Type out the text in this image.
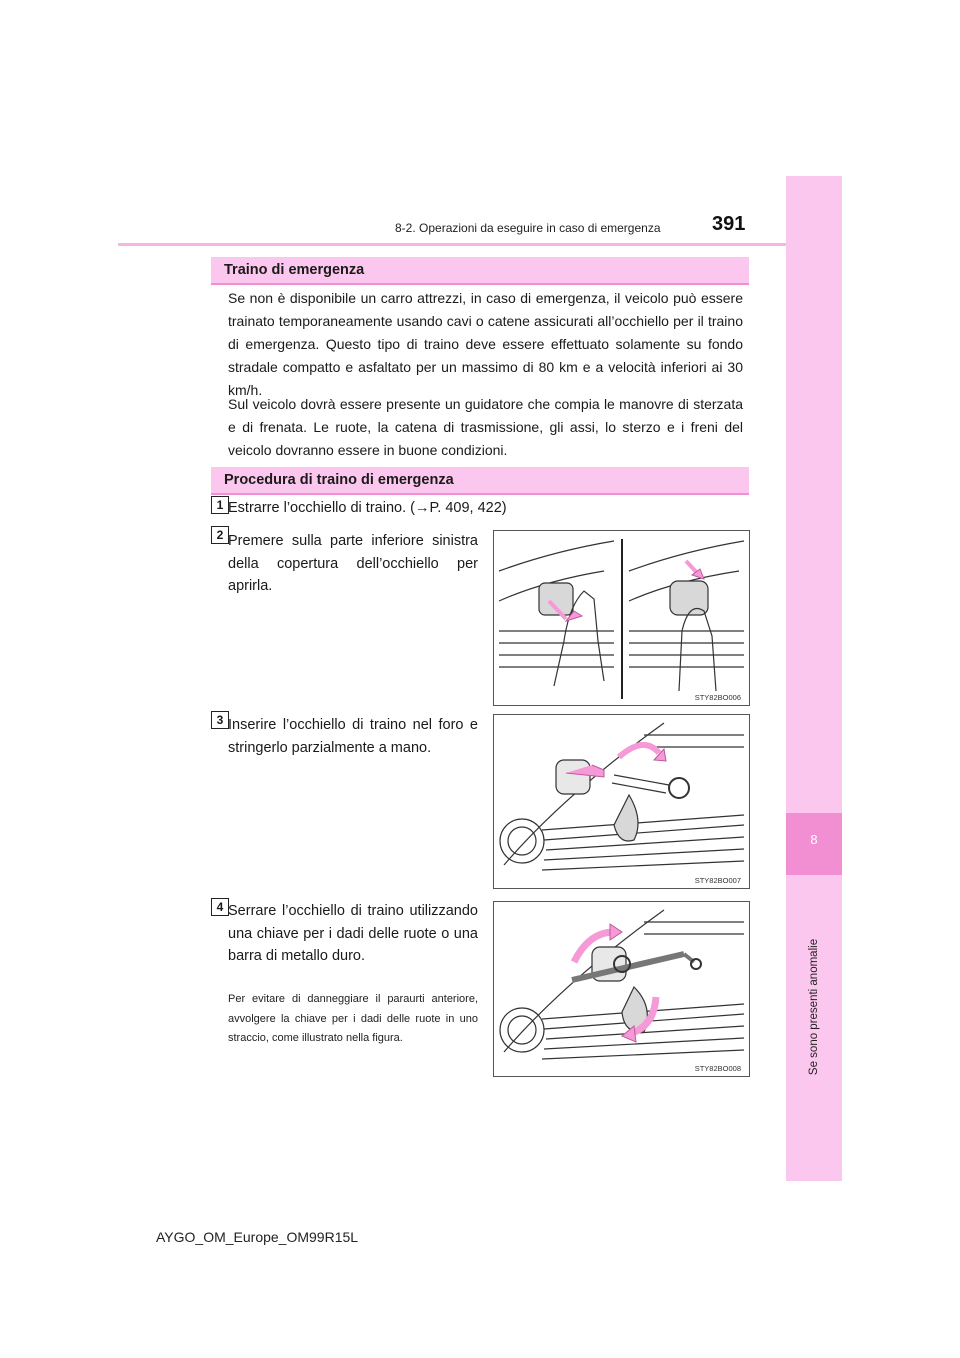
8-2. Operazioni da eseguire in caso di emergenza	391
8
Se sono presenti anomalie
Traino di emergenza
Se non è disponibile un carro attrezzi, in caso di emergenza, il veicolo può essere trainato temporaneamente usando cavi o catene assicurati all’occhiello per il traino di emergenza. Questo tipo di traino deve essere effettuato solamente su fondo stradale compatto e asfaltato per un massimo di 80 km e a velocità inferiori ai 30 km/h.
Sul veicolo dovrà essere presente un guidatore che compia le manovre di sterzata e di frenata. Le ruote, la catena di trasmissione, gli assi, lo sterzo e i freni del veicolo dovranno essere in buone condizioni.
Procedura di traino di emergenza
1 Estrarre l’occhiello di traino. (→P. 409, 422)
2 Premere sulla parte inferiore sinistra della copertura dell’occhiello per aprirla.
STY82BO006
3 Inserire l’occhiello di traino nel foro e stringerlo parzialmente a mano.
STY82BO007
4 Serrare l’occhiello di traino utilizzando una chiave per i dadi delle ruote o una barra di metallo duro.
Per evitare di danneggiare il paraurti anteriore, avvolgere la chiave per i dadi delle ruote in uno straccio, come illustrato nella figura.
STY82BO008
AYGO_OM_Europe_OM99R15L
